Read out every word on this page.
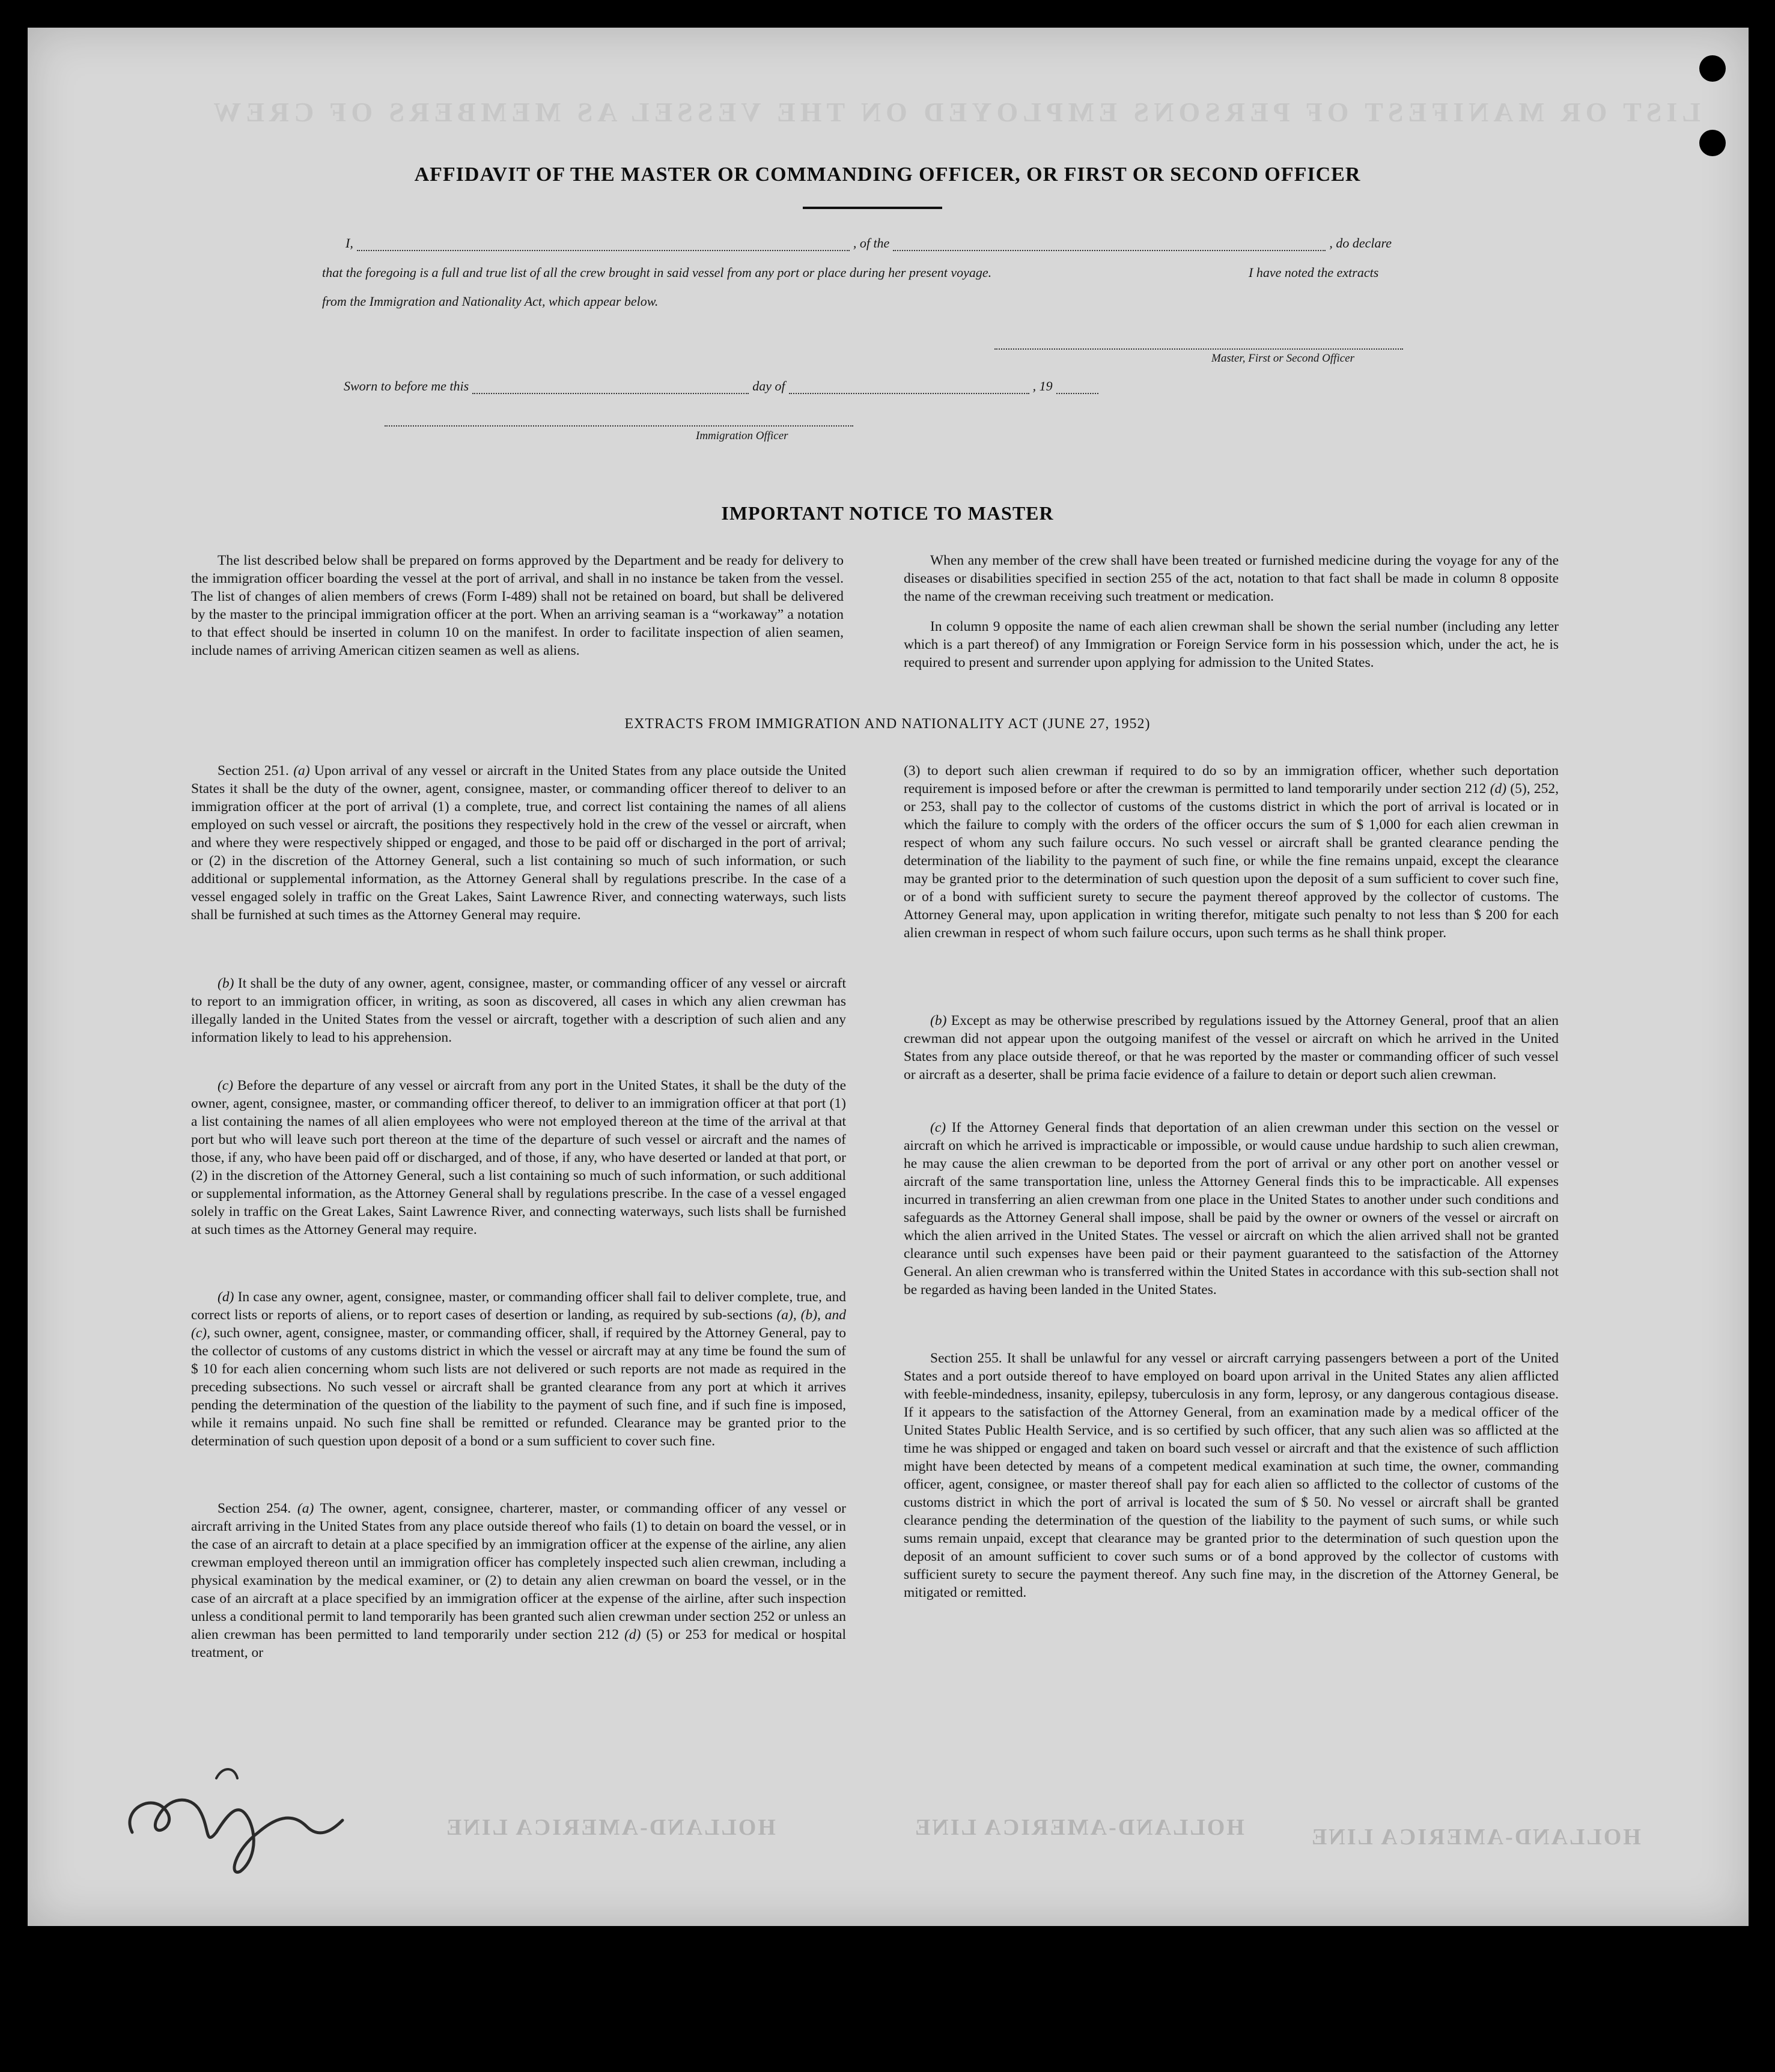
LIST OR MANIFEST OF PERSONS EMPLOYED ON THE VESSEL AS MEMBERS OF CREW
HOLLAND-AMERICA LINE	HOLLAND-AMERICA LINE	HOLLAND-AMERICA LINE
AFFIDAVIT OF THE MASTER OR COMMANDING OFFICER, OR FIRST OR SECOND OFFICER
I,	, of the	, do declare
that the foregoing is a full and true list of all the crew brought in said vessel from any port or place during her present voyage.	I have noted the extracts
from the Immigration and Nationality Act, which appear below.
Master, First or Second Officer
Sworn to before me this	day of	, 19
Immigration Officer
IMPORTANT NOTICE TO MASTER

The list described below shall be prepared on forms approved by the Department and be ready for delivery to the immigration officer boarding the vessel at the port of arrival, and shall in no instance be taken from the vessel. The list of changes of alien members of crews (Form I-489) shall not be retained on board, but shall be delivered by the master to the principal immigration officer at the port. When an arriving seaman is a “workaway” a notation to that effect should be inserted in column 10 on the manifest. In order to facilitate inspection of alien seamen, include names of arriving American citizen seamen as well as aliens.

When any member of the crew shall have been treated or furnished medicine during the voyage for any of the diseases or disabilities specified in section 255 of the act, notation to that fact shall be made in column 8 opposite the name of the crewman receiving such treatment or medication.

In column 9 opposite the name of each alien crewman shall be shown the serial number (including any letter which is a part thereof) of any Immigration or Foreign Service form in his possession which, under the act, he is required to present and surrender upon applying for admission to the United States.

EXTRACTS FROM IMMIGRATION AND NATIONALITY ACT (JUNE 27, 1952)

Section 251. (a) Upon arrival of any vessel or aircraft in the United States from any place outside the United States it shall be the duty of the owner, agent, consignee, master, or commanding officer thereof to deliver to an immigration officer at the port of arrival (1) a complete, true, and correct list containing the names of all aliens employed on such vessel or aircraft, the positions they respectively hold in the crew of the vessel or aircraft, when and where they were respectively shipped or engaged, and those to be paid off or discharged in the port of arrival; or (2) in the discretion of the Attorney General, such a list containing so much of such information, or such additional or supplemental information, as the Attorney General shall by regulations prescribe. In the case of a vessel engaged solely in traffic on the Great Lakes, Saint Lawrence River, and connecting waterways, such lists shall be furnished at such times as the Attorney General may require.

(b) It shall be the duty of any owner, agent, consignee, master, or commanding officer of any vessel or aircraft to report to an immigration officer, in writing, as soon as discovered, all cases in which any alien crewman has illegally landed in the United States from the vessel or aircraft, together with a description of such alien and any information likely to lead to his apprehension.

(c) Before the departure of any vessel or aircraft from any port in the United States, it shall be the duty of the owner, agent, consignee, master, or commanding officer thereof, to deliver to an immigration officer at that port (1) a list containing the names of all alien employees who were not employed thereon at the time of the arrival at that port but who will leave such port thereon at the time of the departure of such vessel or aircraft and the names of those, if any, who have been paid off or discharged, and of those, if any, who have deserted or landed at that port, or (2) in the discretion of the Attorney General, such a list containing so much of such information, or such additional or supplemental information, as the Attorney General shall by regulations prescribe. In the case of a vessel engaged solely in traffic on the Great Lakes, Saint Lawrence River, and connecting waterways, such lists shall be furnished at such times as the Attorney General may require.

(d) In case any owner, agent, consignee, master, or commanding officer shall fail to deliver complete, true, and correct lists or reports of aliens, or to report cases of desertion or landing, as required by sub-sections (a), (b), and (c), such owner, agent, consignee, master, or commanding officer, shall, if required by the Attorney General, pay to the collector of customs of any customs district in which the vessel or aircraft may at any time be found the sum of $ 10 for each alien concerning whom such lists are not delivered or such reports are not made as required in the preceding subsections. No such vessel or aircraft shall be granted clearance from any port at which it arrives pending the determination of the question of the liability to the payment of such fine, and if such fine is imposed, while it remains unpaid. No such fine shall be remitted or refunded. Clearance may be granted prior to the determination of such question upon deposit of a bond or a sum sufficient to cover such fine.

Section 254. (a) The owner, agent, consignee, charterer, master, or commanding officer of any vessel or aircraft arriving in the United States from any place outside thereof who fails (1) to detain on board the vessel, or in the case of an aircraft to detain at a place specified by an immigration officer at the expense of the airline, any alien crewman employed thereon until an immigration officer has completely inspected such alien crewman, including a physical examination by the medical examiner, or (2) to detain any alien crewman on board the vessel, or in the case of an aircraft at a place specified by an immigration officer at the expense of the airline, after such inspection unless a conditional permit to land temporarily has been granted such alien crewman under section 252 or unless an alien crewman has been permitted to land temporarily under section 212 (d) (5) or 253 for medical or hospital treatment, or

(3) to deport such alien crewman if required to do so by an immigration officer, whether such deportation requirement is imposed before or after the crewman is permitted to land temporarily under section 212 (d) (5), 252, or 253, shall pay to the collector of customs of the customs district in which the port of arrival is located or in which the failure to comply with the orders of the officer occurs the sum of $ 1,000 for each alien crewman in respect of whom any such failure occurs. No such vessel or aircraft shall be granted clearance pending the determination of the liability to the payment of such fine, or while the fine remains unpaid, except the clearance may be granted prior to the determination of such question upon the deposit of a sum sufficient to cover such fine, or of a bond with sufficient surety to secure the payment thereof approved by the collector of customs. The Attorney General may, upon application in writing therefor, mitigate such penalty to not less than $ 200 for each alien crewman in respect of whom such failure occurs, upon such terms as he shall think proper.

(b) Except as may be otherwise prescribed by regulations issued by the Attorney General, proof that an alien crewman did not appear upon the outgoing manifest of the vessel or aircraft on which he arrived in the United States from any place outside thereof, or that he was reported by the master or commanding officer of such vessel or aircraft as a deserter, shall be prima facie evidence of a failure to detain or deport such alien crewman.

(c) If the Attorney General finds that deportation of an alien crewman under this section on the vessel or aircraft on which he arrived is impracticable or impossible, or would cause undue hardship to such alien crewman, he may cause the alien crewman to be deported from the port of arrival or any other port on another vessel or aircraft of the same transportation line, unless the Attorney General finds this to be impracticable. All expenses incurred in transferring an alien crewman from one place in the United States to another under such conditions and safeguards as the Attorney General shall impose, shall be paid by the owner or owners of the vessel or aircraft on which the alien arrived in the United States. The vessel or aircraft on which the alien arrived shall not be granted clearance until such expenses have been paid or their payment guaranteed to the satisfaction of the Attorney General. An alien crewman who is transferred within the United States in accordance with this sub-section shall not be regarded as having been landed in the United States.

Section 255. It shall be unlawful for any vessel or aircraft carrying passengers between a port of the United States and a port outside thereof to have employed on board upon arrival in the United States any alien afflicted with feeble-mindedness, insanity, epilepsy, tuberculosis in any form, leprosy, or any dangerous contagious disease. If it appears to the satisfaction of the Attorney General, from an examination made by a medical officer of the United States Public Health Service, and is so certified by such officer, that any such alien was so afflicted at the time he was shipped or engaged and taken on board such vessel or aircraft and that the existence of such affliction might have been detected by means of a competent medical examination at such time, the owner, commanding officer, agent, consignee, or master thereof shall pay for each alien so afflicted to the collector of customs of the customs district in which the port of arrival is located the sum of $ 50. No vessel or aircraft shall be granted clearance pending the determination of the question of the liability to the payment of such sums, or while such sums remain unpaid, except that clearance may be granted prior to the determination of such question upon the deposit of an amount sufficient to cover such sums or of a bond approved by the collector of customs with sufficient surety to secure the payment thereof. Any such fine may, in the discretion of the Attorney General, be mitigated or remitted.
